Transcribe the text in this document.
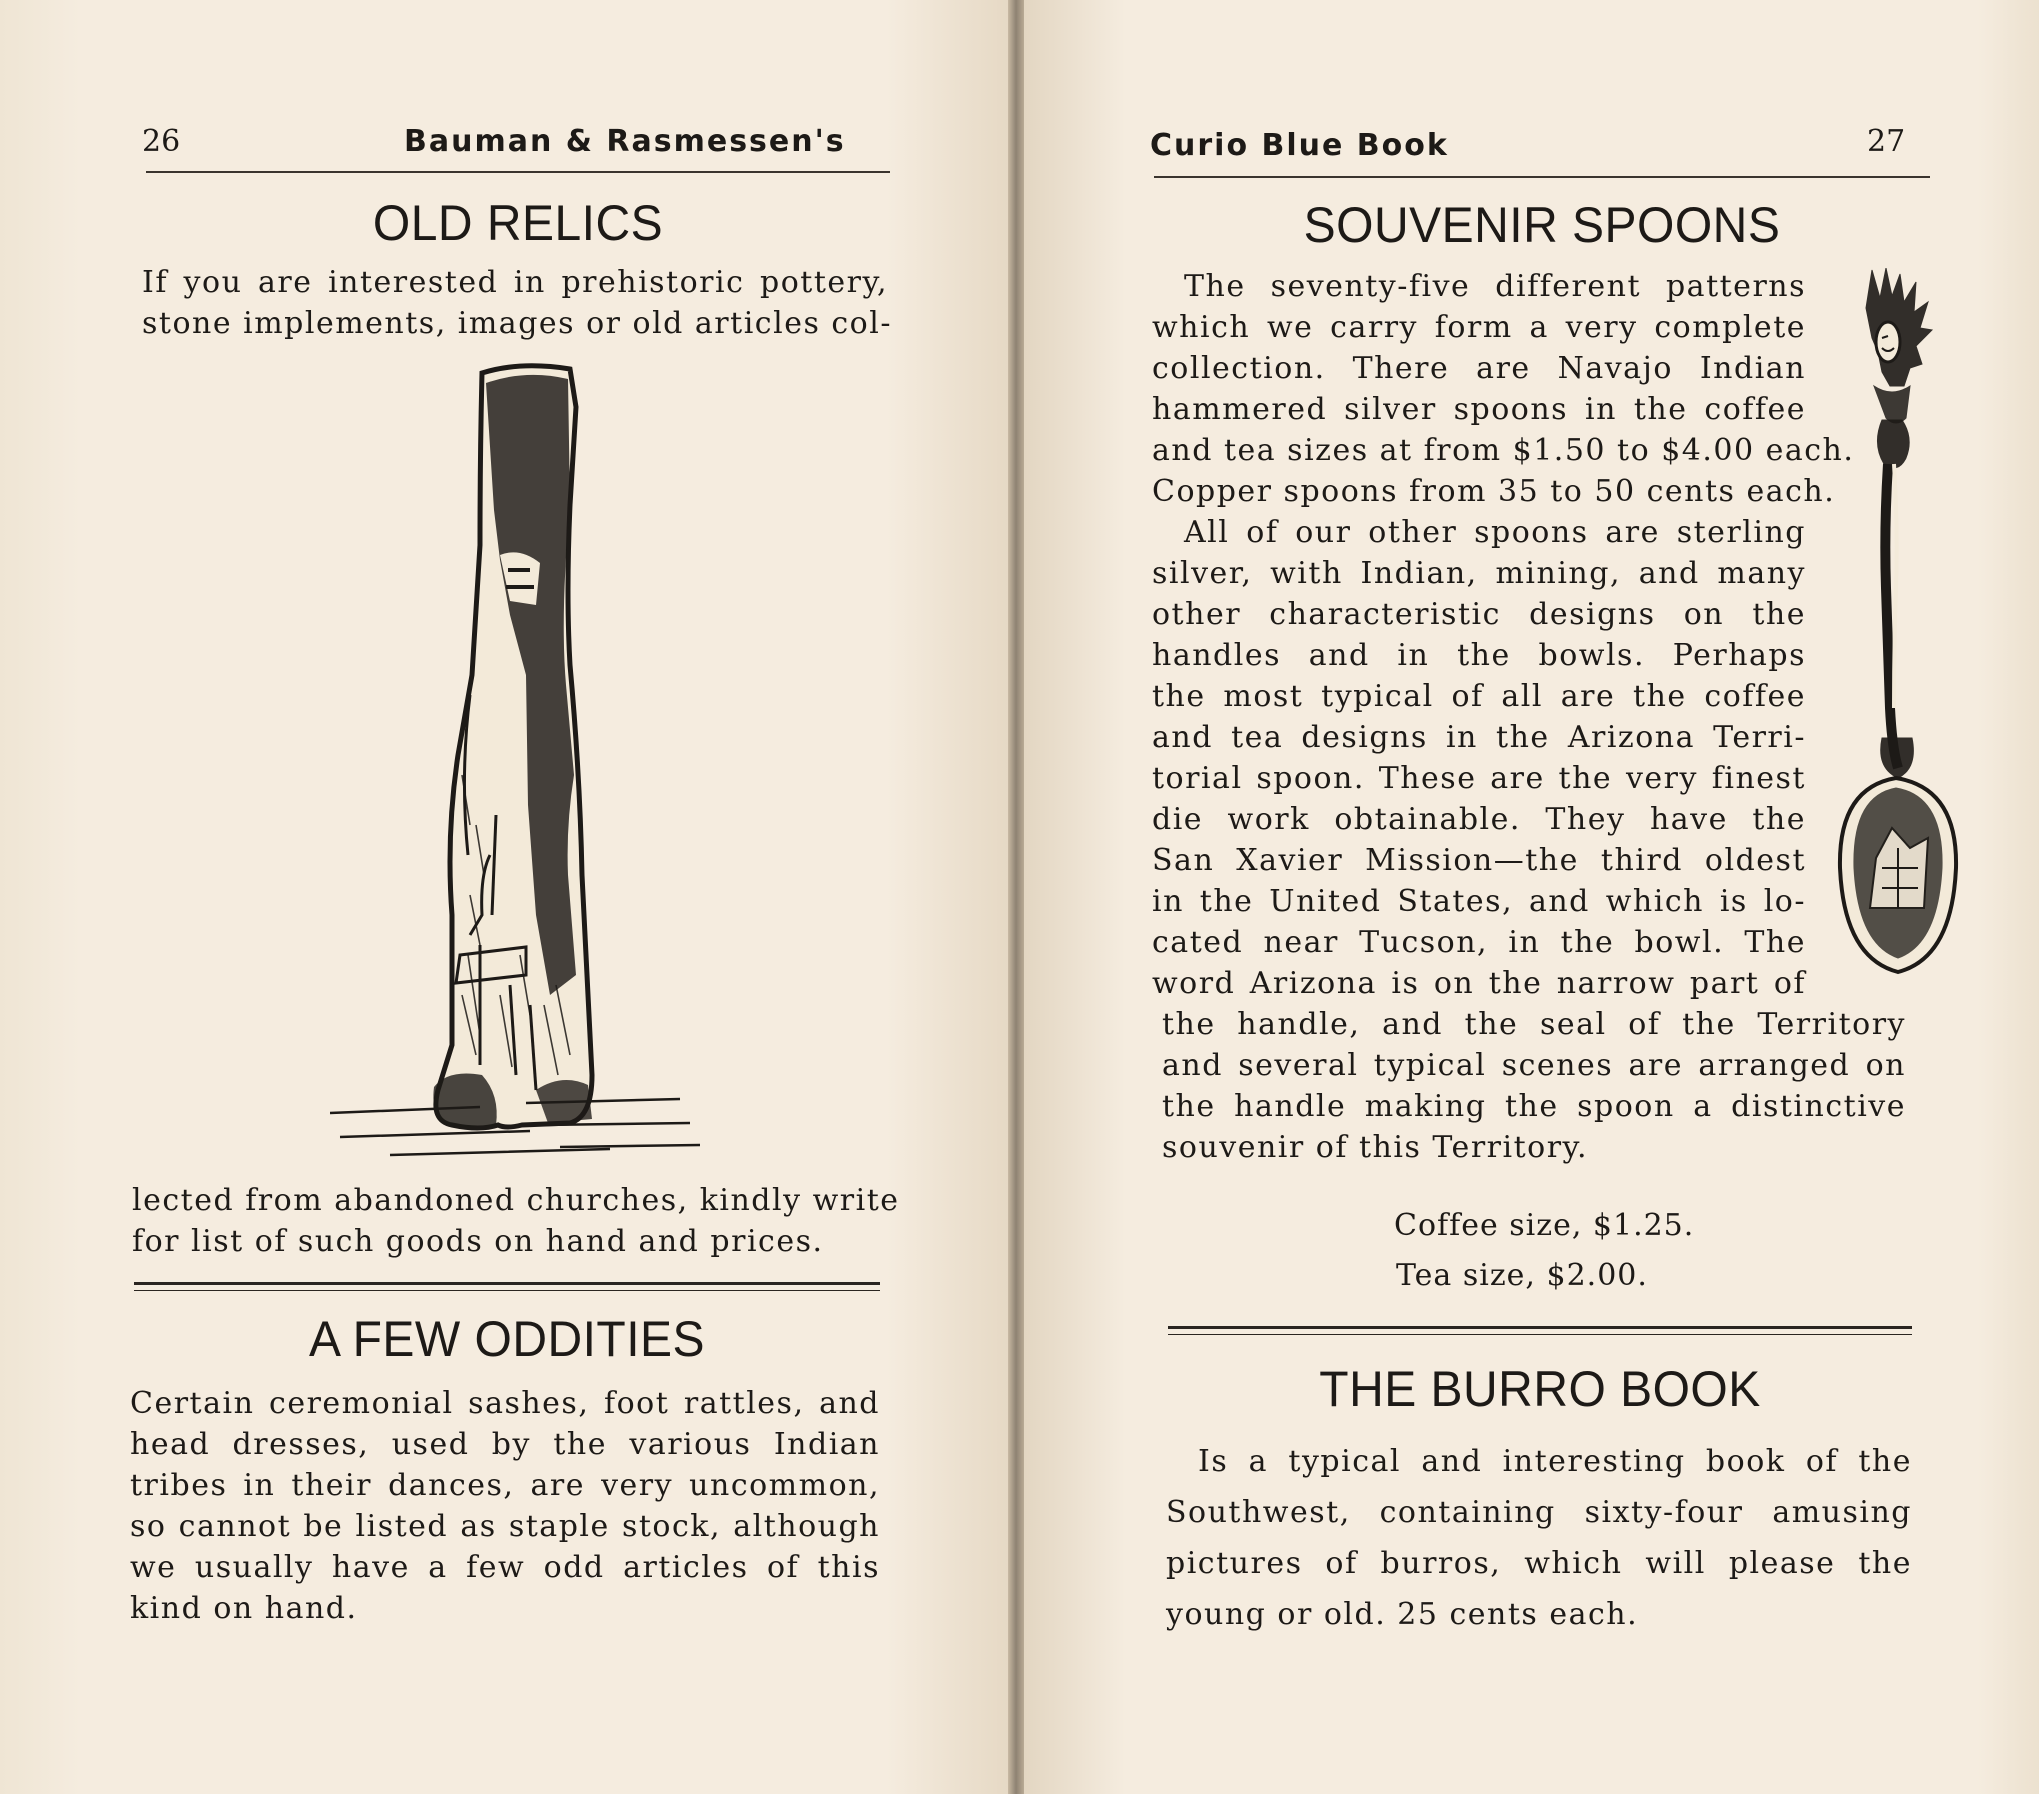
26	Bauman & Rasmessen's
OLD RELICS
If you are interested in prehistoric pottery,
stone implements, images or old articles col-
lected from abandoned churches, kindly write
for list of such goods on hand and prices.
A FEW ODDITIES
Certain ceremonial sashes, foot rattles, and
head dresses, used by the various Indian
tribes in their dances, are very uncommon,
so cannot be listed as staple stock, although
we usually have a few odd articles of this
kind on hand.
Curio Blue Book	27
SOUVENIR SPOONS
The seventy-five different patterns
which we carry form a very complete
collection. There are Navajo Indian
hammered silver spoons in the coffee
and tea sizes at from $1.50 to $4.00 each.
Copper spoons from 35 to 50 cents each.
All of our other spoons are sterling
silver, with Indian, mining, and many
other characteristic designs on the
handles and in the bowls. Perhaps
the most typical of all are the coffee
and tea designs in the Arizona Terri-
torial spoon. These are the very finest
die work obtainable. They have the
San Xavier Mission—the third oldest
in the United States, and which is lo-
cated near Tucson, in the bowl. The
word Arizona is on the narrow part of
the handle, and the seal of the Territory
and several typical scenes are arranged on
the handle making the spoon a distinctive
souvenir of this Territory.
Coffee size, $1.25.
Tea size, $2.00.
THE BURRO BOOK
Is a typical and interesting book of the
Southwest, containing sixty-four amusing
pictures of burros, which will please the
young or old. 25 cents each.
